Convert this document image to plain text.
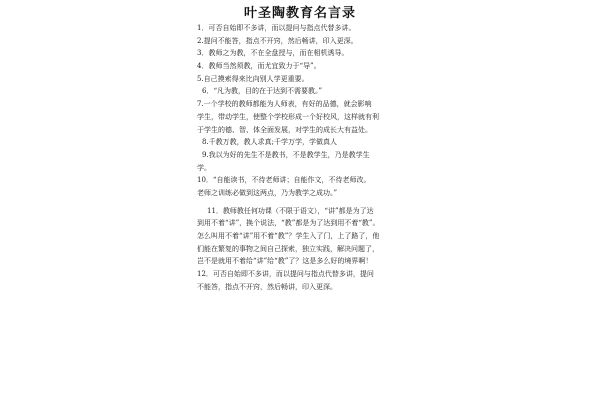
叶圣陶教育名言录
1．可否自始即不多讲，而以提问与指点代替多讲。
2.提问不能答，指点不开窍，然后畅讲，印入更深。
3．教师之为教，不在全盘授与，而在相机诱导。
4．教师当然须教，而尤宜致力于“导”。
5.自己摸索得来比向别人学更重要。
6．“凡为教，目的在于达到不需要教。”
7.一个学校的教师都能为人师表，有好的品德，就会影响
学生，带动学生，使整个学校形成一个好校风，这样就有利
于学生的德、智、体全面发展，对学生的成长大有益处。
8.千教万教，教人求真;千学万学，学做真人
9.我以为好的先生不是教书，不是教学生，乃是教学生
学。
10．“自能读书，不待老师讲；自能作文，不待老师改。
老师之训练必做到这两点，乃为教学之成功。”
11．教师教任何功课（不限于语文），“讲”都是为了达
到用不着“讲”，换个说法，“教”都是为了达到用不着“教”。
怎么叫用不着“讲”用不着“教”？学生入了门，上了路了，他
们能在繁复的事物之间自己探索，独立实践，解决问题了，
岂不是就用不着给“讲”给“教”了？这是多么好的境界啊！
12．可否自始即不多讲，而以提问与指点代替多讲，提问
不能答，指点不开窍，然后畅讲，印入更深。
